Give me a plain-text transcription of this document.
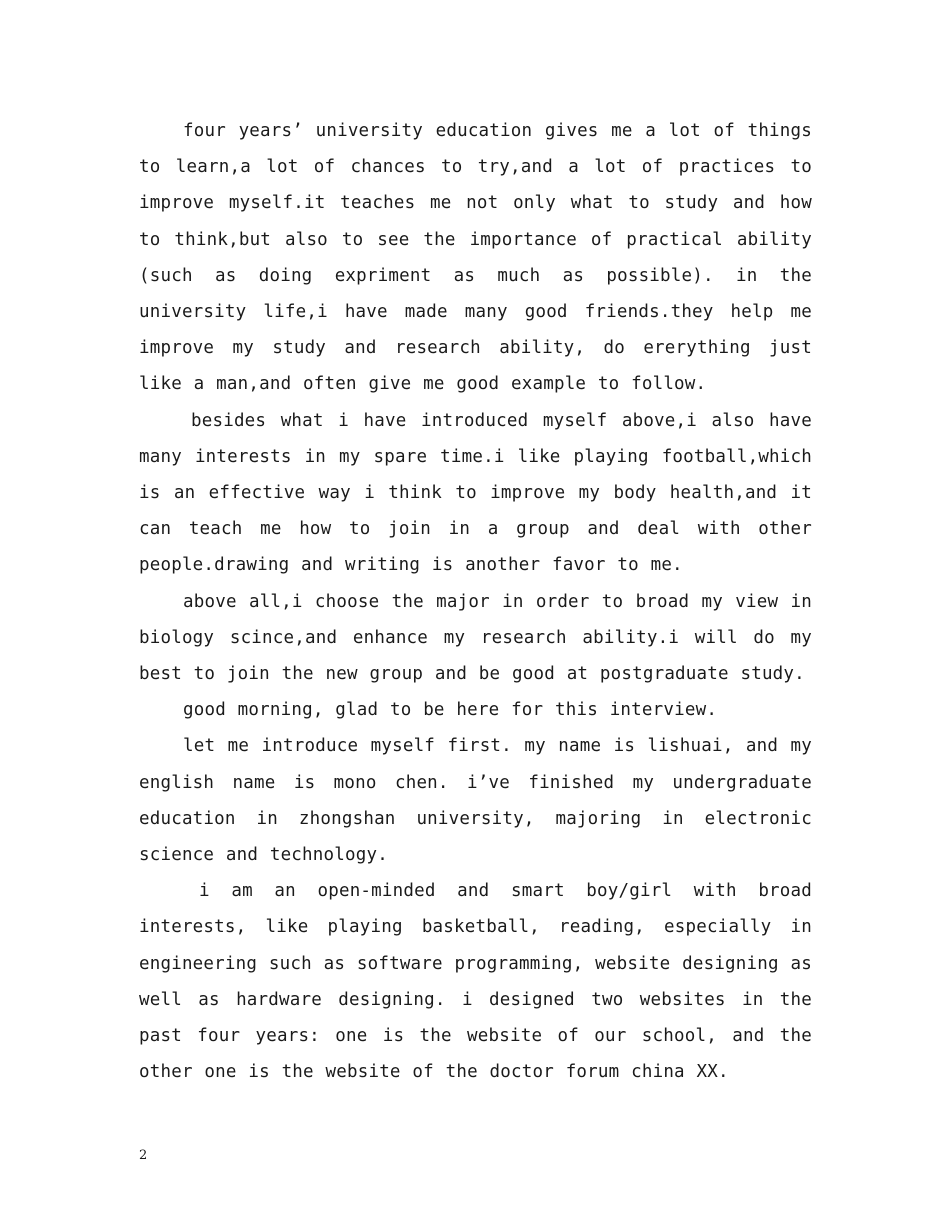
four years’ university education gives me a lot of things to learn,a lot of chances to try,and a lot of practices to improve myself.it teaches me not only what to study and how to think,but also to see the importance of practical ability (such as doing expriment as much as possible). in the university life,i have made many good friends.they help me improve my study and research ability, do ererything just like a man,and often give me good example to follow.

besides what i have introduced myself above,i also have many interests in my spare time.i like playing football,which is an effective way i think to improve my body health,and it can teach me how to join in a group and deal with other people.drawing and writing is another favor to me.

above all,i choose the major in order to broad my view in biology scince,and enhance my research ability.i will do my best to join the new group and be good at postgraduate study.

good morning, glad to be here for this interview.

let me introduce myself first. my name is lishuai, and my english name is mono chen. i’ve finished my undergraduate education in zhongshan university, majoring in electronic science and technology.

i am an open-minded and smart boy/girl with broad interests, like playing basketball, reading, especially in engineering such as software programming, website designing as well as hardware designing. i designed two websites in the past four years: one is the website of our school, and the other one is the website of the doctor forum china XX.

2
